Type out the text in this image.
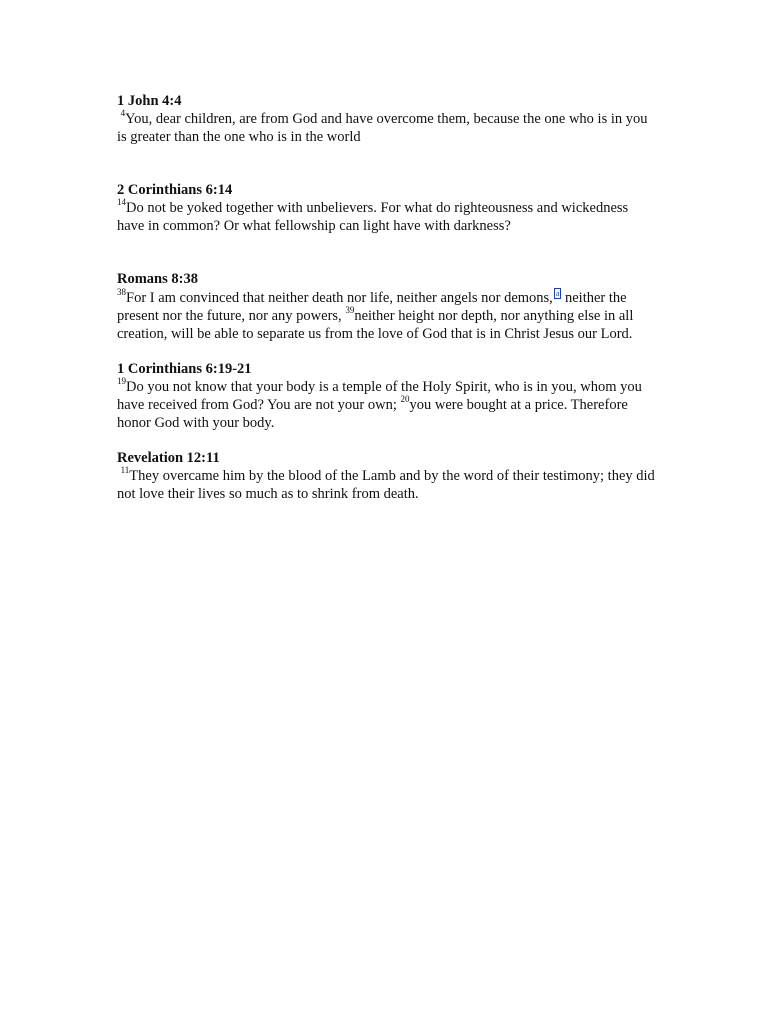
1 John 4:4

$^4$You, dear children, are from God and have overcome them, because the one who is in you is greater than the one who is in the world

2 Corinthians 6:14

$^{14}$Do not be yoked together with unbelievers. For what do righteousness and wickedness have in common? Or what fellowship can light have with darkness?

Romans 8:38

$^{38}$For I am convinced that neither death nor life, neither angels nor demons, a neither the present nor the future, nor any powers, $^{39}$neither height nor depth, nor anything else in all creation, will be able to separate us from the love of God that is in Christ Jesus our Lord.

1 Corinthians 6:19-21

$^{19}$Do you not know that your body is a temple of the Holy Spirit, who is in you, whom you have received from God? You are not your own; $^{20}$you were bought at a price. Therefore honor God with your body.

Revelation 12:11

$^{11}$They overcame him by the blood of the Lamb and by the word of their testimony; they did not love their lives so much as to shrink from death.
